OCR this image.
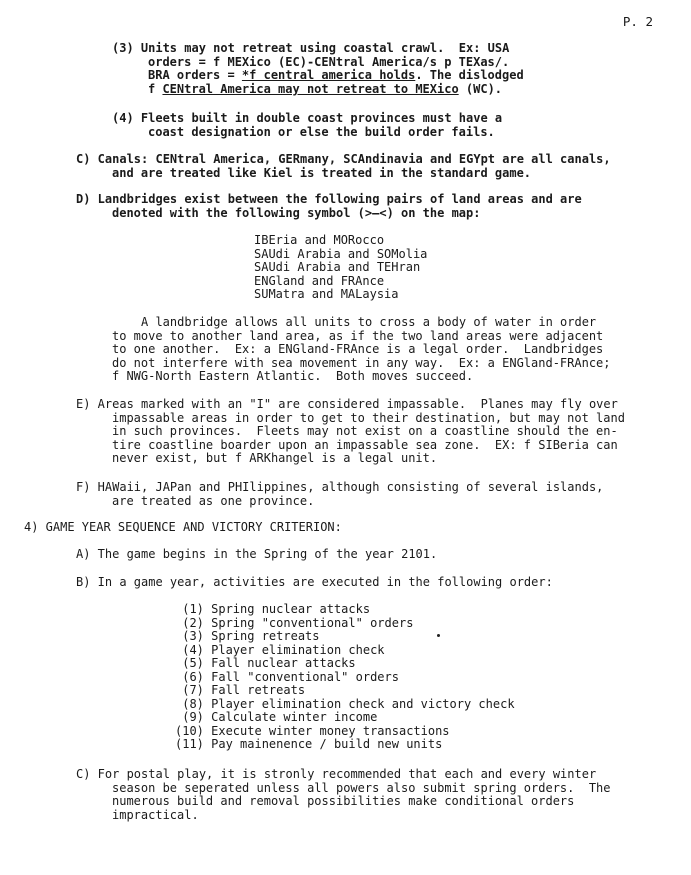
P. 2
(3) Units may not retreat using coastal crawl.  Ex: USA
orders = f MEXico (EC)-CENtral America/s p TEXas/.
BRA orders = *f central america holds. The dislodged
f CENtral America may not retreat to MEXico (WC).
(4) Fleets built in double coast provinces must have a
coast designation or else the build order fails.
C) Canals: CENtral America, GERmany, SCAndinavia and EGYpt are all canals,
and are treated like Kiel is treated in the standard game.
D) Landbridges exist between the following pairs of land areas and are
denoted with the following symbol (>—<) on the map:
IBEria and MORocco
SAUdi Arabia and SOMolia
SAUdi Arabia and TEHran
ENGland and FRAnce
SUMatra and MALaysia
A landbridge allows all units to cross a body of water in order
to move to another land area, as if the two land areas were adjacent
to one another.  Ex: a ENGland-FRAnce is a legal order.  Landbridges
do not interfere with sea movement in any way.  Ex: a ENGland-FRAnce;
f NWG-North Eastern Atlantic.  Both moves succeed.
E) Areas marked with an "I" are considered impassable.  Planes may fly over
impassable areas in order to get to their destination, but may not land
in such provinces.  Fleets may not exist on a coastline should the en-
tire coastline boarder upon an impassable sea zone.  EX: f SIBeria can
never exist, but f ARKhangel is a legal unit.
F) HAWaii, JAPan and PHIlippines, although consisting of several islands,
are treated as one province.
4) GAME YEAR SEQUENCE AND VICTORY CRITERION:
A) The game begins in the Spring of the year 2101.
B) In a game year, activities are executed in the following order:
(1) Spring nuclear attacks
(2) Spring "conventional" orders
(3) Spring retreats
(4) Player elimination check
(5) Fall nuclear attacks
(6) Fall "conventional" orders
(7) Fall retreats
(8) Player elimination check and victory check
(9) Calculate winter income
(10) Execute winter money transactions
(11) Pay mainenence / build new units
C) For postal play, it is stronly recommended that each and every winter
season be seperated unless all powers also submit spring orders.  The
numerous build and removal possibilities make conditional orders
impractical.
